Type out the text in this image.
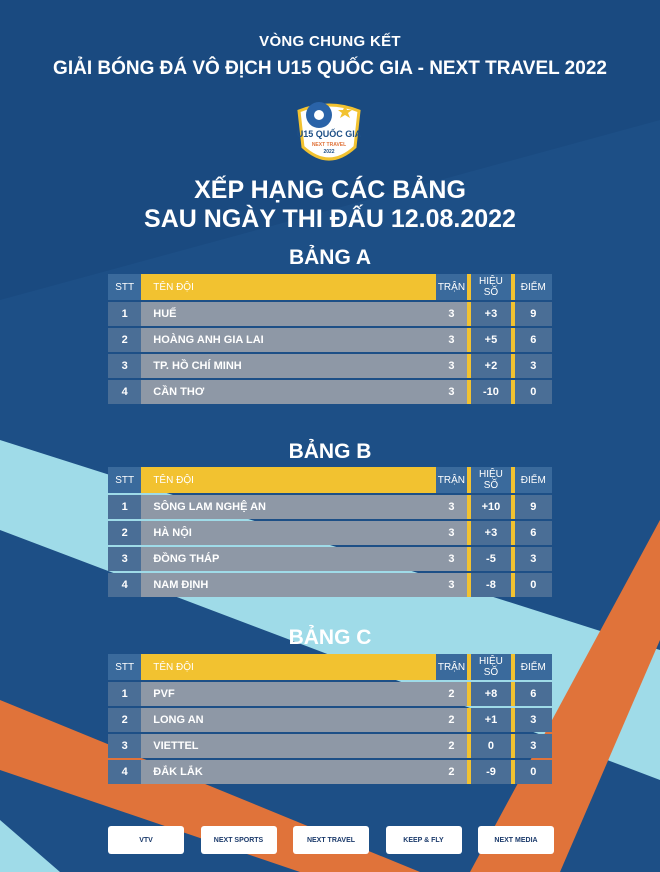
VÒNG CHUNG KẾT
GIẢI BÓNG ĐÁ VÔ ĐỊCH U15 QUỐC GIA - NEXT TRAVEL 2022
U15 QUỐC GIA
NEXT TRAVEL
2022
XẾP HẠNG CÁC BẢNG
SAU NGÀY THI ĐẤU 12.08.2022
BẢNG A
STT	TÊN ĐỘI	TRẬN	HIỆU SỐ	ĐIỂM
1	HUẾ	3	+3	9
2	HOÀNG ANH GIA LAI	3	+5	6
3	TP. HỒ CHÍ MINH	3	+2	3
4	CẦN THƠ	3	-10	0
BẢNG B
STT	TÊN ĐỘI	TRẬN	HIỆU SỐ	ĐIỂM
1	SÔNG LAM NGHỆ AN	3	+10	9
2	HÀ NỘI	3	+3	6
3	ĐỒNG THÁP	3	-5	3
4	NAM ĐỊNH	3	-8	0
BẢNG C
STT	TÊN ĐỘI	TRẬN	HIỆU SỐ	ĐIỂM
1	PVF	2	+8	6
2	LONG AN	2	+1	3
3	VIETTEL	2	0	3
4	ĐẮK LẮK	2	-9	0
VTV	NEXT SPORTS	NEXT TRAVEL	KEEP & FLY	NEXT MEDIA
